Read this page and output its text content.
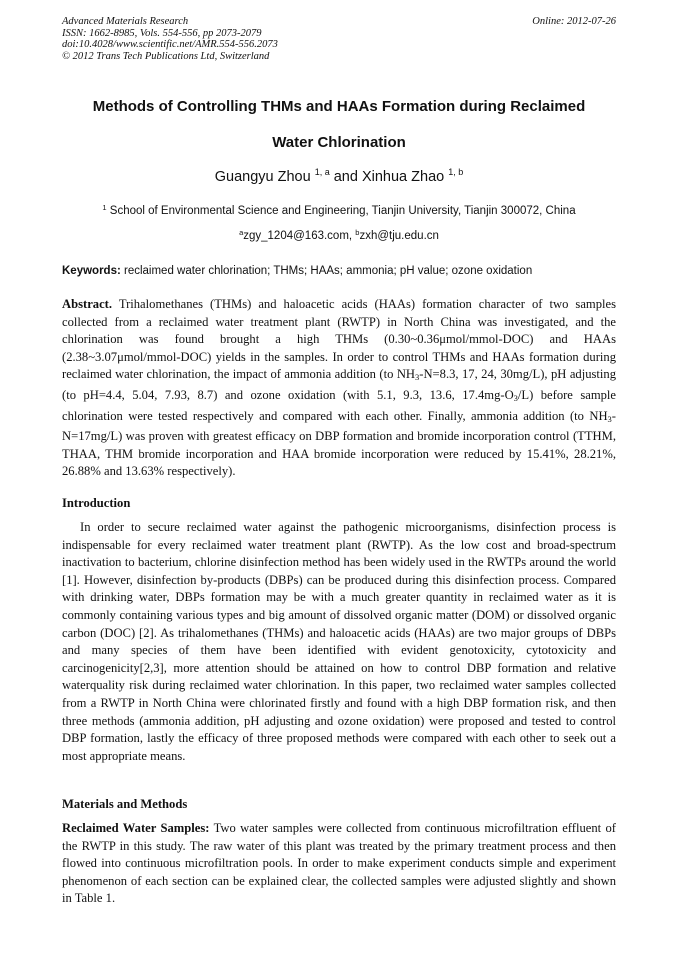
Advanced Materials Research
ISSN: 1662-8985, Vols. 554-556, pp 2073-2079
doi:10.4028/www.scientific.net/AMR.554-556.2073
© 2012 Trans Tech Publications Ltd, Switzerland
Online: 2012-07-26
Methods of Controlling THMs and HAAs Formation during Reclaimed
Water Chlorination
Guangyu Zhou $^{1, a}$ and Xinhua Zhao $^{1, b}$
$^1$ School of Environmental Science and Engineering, Tianjin University, Tianjin 300072, China
$^a$zgy_1204@163.com, $^b$zxh@tju.edu.cn
Keywords: reclaimed water chlorination; THMs; HAAs; ammonia; pH value; ozone oxidation
Abstract. Trihalomethanes (THMs) and haloacetic acids (HAAs) formation character of two samples collected from a reclaimed water treatment plant (RWTP) in North China was investigated, and the chlorination was found brought a high THMs (0.30~0.36μmol/mmol-DOC) and HAAs (2.38~3.07μmol/mmol-DOC) yields in the samples. In order to control THMs and HAAs formation during reclaimed water chlorination, the impact of ammonia addition (to $NH_3-N=8.3$, 17, 24, 30mg/L), pH adjusting (to pH=4.4, 5.04, 7.93, 8.7) and ozone oxidation (with 5.1, 9.3, 13.6, $17.4mg-O_3/L$) before sample chlorination were tested respectively and compared with each other. Finally, ammonia addition (to $NH_3-N=17mg/L$) was proven with greatest efficacy on DBP formation and bromide incorporation control (TTHM, THAA, THM bromide incorporation and HAA bromide incorporation were reduced by 15.41%, 28.21%, 26.88% and 13.63% respectively).
Introduction
In order to secure reclaimed water against the pathogenic microorganisms, disinfection process is indispensable for every reclaimed water treatment plant (RWTP). As the low cost and broad-spectrum inactivation to bacterium, chlorine disinfection method has been widely used in the RWTPs around the world [1]. However, disinfection by-products (DBPs) can be produced during this disinfection process. Compared with drinking water, DBPs formation may be with a much greater quantity in reclaimed water as it is commonly containing various types and big amount of dissolved organic matter (DOM) or dissolved organic carbon (DOC) [2]. As trihalomethanes (THMs) and haloacetic acids (HAAs) are two major groups of DBPs and many species of them have been identified with evident genotoxicity, cytotoxicity and carcinogenicity[2,3], more attention should be attained on how to control DBP formation and relative waterquality risk during reclaimed water chlorination. In this paper, two reclaimed water samples collected from a RWTP in North China were chlorinated firstly and found with a high DBP formation risk, and then three methods (ammonia addition, pH adjusting and ozone oxidation) were proposed and tested to control DBP formation, lastly the efficacy of three proposed methods were compared with each other to seek out a most appropriate means.
Materials and Methods
Reclaimed Water Samples: Two water samples were collected from continuous microfiltration effluent of the RWTP in this study. The raw water of this plant was treated by the primary treatment process and then flowed into continuous microfiltration pools. In order to make experiment conducts simple and experiment phenomenon of each section can be explained clear, the collected samples were adjusted slightly and shown in Table 1.
